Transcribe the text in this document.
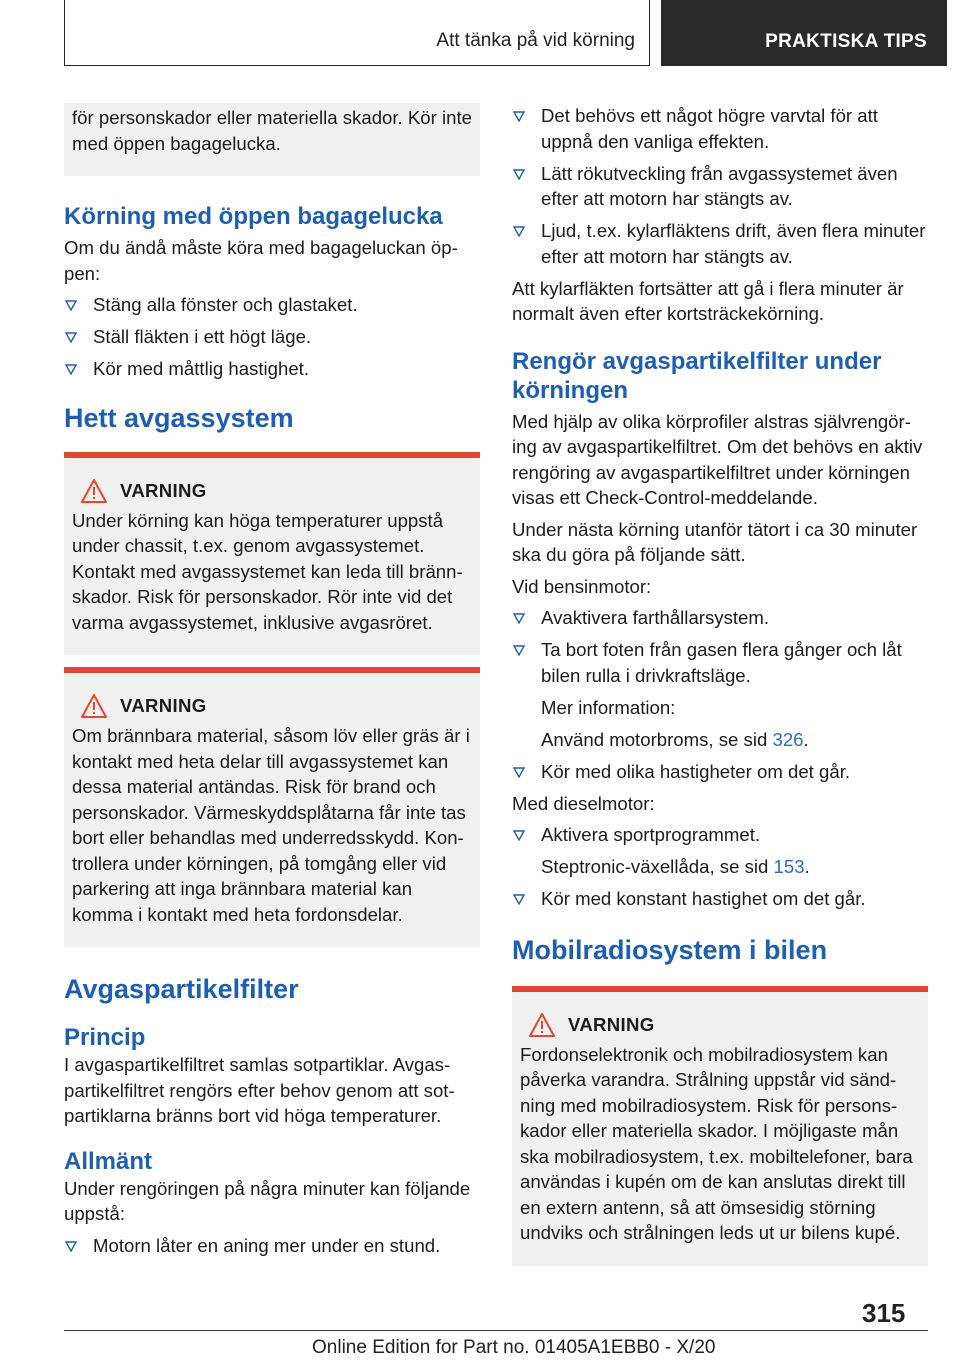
Att tänka på vid körning	PRAKTISKA TIPS
för personskador eller materiella skador. Kör inte med öppen bagagelucka.
Körning med öppen bagagelucka
Om du ändå måste köra med bagageluckan öppen:
Stäng alla fönster och glastaket.
Ställ fläkten i ett högt läge.
Kör med måttlig hastighet.
Hett avgassystem
VARNING
Under körning kan höga temperaturer uppstå under chassit, t.ex. genom avgassystemet. Kontakt med avgassystemet kan leda till brännskador. Risk för personskador. Rör inte vid det varma avgassystemet, inklusive avgasröret.
VARNING
Om brännbara material, såsom löv eller gräs är i kontakt med heta delar till avgassystemet kan dessa material antändas. Risk för brand och personskador. Värmeskyddsplåtarna får inte tas bort eller behandlas med underredsskydd. Kontrollera under körningen, på tomgång eller vid parkering att inga brännbara material kan komma i kontakt med heta fordonsdelar.
Avgaspartikelfilter
Princip
I avgaspartikelfiltret samlas sotpartiklar. Avgaspartikelfiltret rengörs efter behov genom att sotpartiklarna bränns bort vid höga temperaturer.
Allmänt
Under rengöringen på några minuter kan följande uppstå:
Motorn låter en aning mer under en stund.
Det behövs ett något högre varvtal för att uppnå den vanliga effekten.
Lätt rökutveckling från avgassystemet även efter att motorn har stängts av.
Ljud, t.ex. kylarfläktens drift, även flera minuter efter att motorn har stängts av.
Att kylarfläkten fortsätter att gå i flera minuter är normalt även efter kortsträckekörning.
Rengör avgaspartikelfilter under körningen
Med hjälp av olika körprofiler alstras självrengöring av avgaspartikelfiltret. Om det behövs en aktiv rengöring av avgaspartikelfiltret under körningen visas ett Check-Control-meddelande.
Under nästa körning utanför tätort i ca 30 minuter ska du göra på följande sätt.
Vid bensinmotor:
Avaktivera farthållarsystem.
Ta bort foten från gasen flera gånger och låt bilen rulla i drivkraftsläge.
Mer information:
Använd motorbroms, se sid 326.
Kör med olika hastigheter om det går.
Med dieselmotor:
Aktivera sportprogrammet.
Steptronic-växellåda, se sid 153.
Kör med konstant hastighet om det går.
Mobilradiosystem i bilen
VARNING
Fordonselektronik och mobilradiosystem kan påverka varandra. Strålning uppstår vid sändning med mobilradiosystem. Risk för personskador eller materiella skador. I möjligaste mån ska mobilradiosystem, t.ex. mobiltelefoner, bara användas i kupén om de kan anslutas direkt till en extern antenn, så att ömsesidig störning undviks och strålningen leds ut ur bilens kupé.
315
Online Edition for Part no. 01405A1EBB0 - X/20
